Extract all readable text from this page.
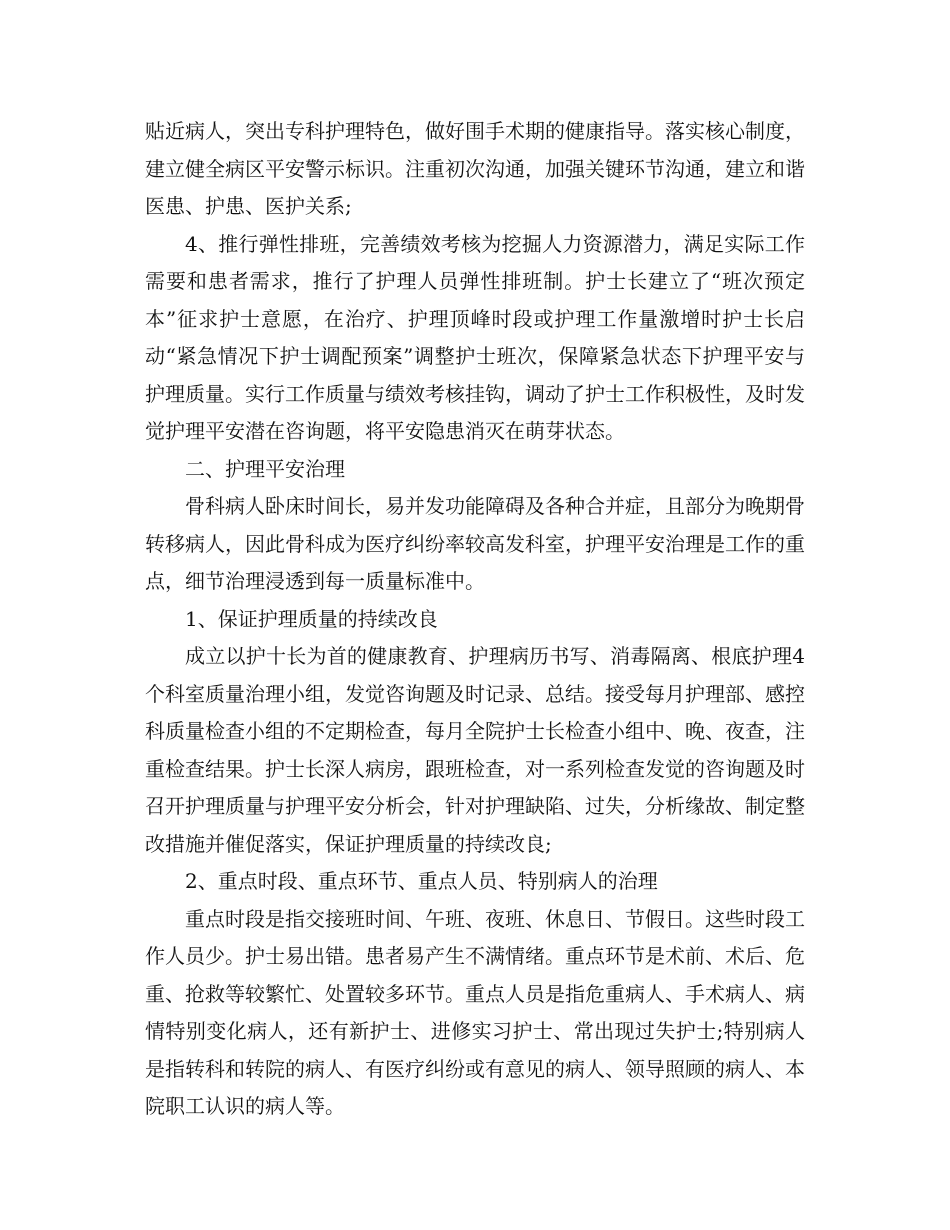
贴近病人，突出专科护理特色，做好围手术期的健康指导。落实核心制度，建立健全病区平安警示标识。注重初次沟通，加强关键环节沟通，建立和谐医患、护患、医护关系;

4、推行弹性排班，完善绩效考核为挖掘人力资源潜力，满足实际工作需要和患者需求，推行了护理人员弹性排班制。护士长建立了“班次预定本”征求护士意愿，在治疗、护理顶峰时段或护理工作量激增时护士长启动“紧急情况下护士调配预案”调整护士班次，保障紧急状态下护理平安与护理质量。实行工作质量与绩效考核挂钩，调动了护士工作积极性，及时发觉护理平安潜在咨询题，将平安隐患消灭在萌芽状态。

二、护理平安治理

骨科病人卧床时间长，易并发功能障碍及各种合并症，且部分为晚期骨转移病人，因此骨科成为医疗纠纷率较高发科室，护理平安治理是工作的重点，细节治理浸透到每一质量标准中。

1、保证护理质量的持续改良

成立以护十长为首的健康教育、护理病历书写、消毒隔离、根底护理4个科室质量治理小组，发觉咨询题及时记录、总结。接受每月护理部、感控科质量检查小组的不定期检查，每月全院护士长检查小组中、晚、夜查，注重检查结果。护士长深人病房，跟班检查，对一系列检查发觉的咨询题及时召开护理质量与护理平安分析会，针对护理缺陷、过失，分析缘故、制定整改措施并催促落实，保证护理质量的持续改良;

2、重点时段、重点环节、重点人员、特别病人的治理

重点时段是指交接班时间、午班、夜班、休息日、节假日。这些时段工作人员少。护士易出错。患者易产生不满情绪。重点环节是术前、术后、危重、抢救等较繁忙、处置较多环节。重点人员是指危重病人、手术病人、病情特别变化病人，还有新护士、进修实习护士、常出现过失护士;特别病人是指转科和转院的病人、有医疗纠纷或有意见的病人、领导照顾的病人、本院职工认识的病人等。
